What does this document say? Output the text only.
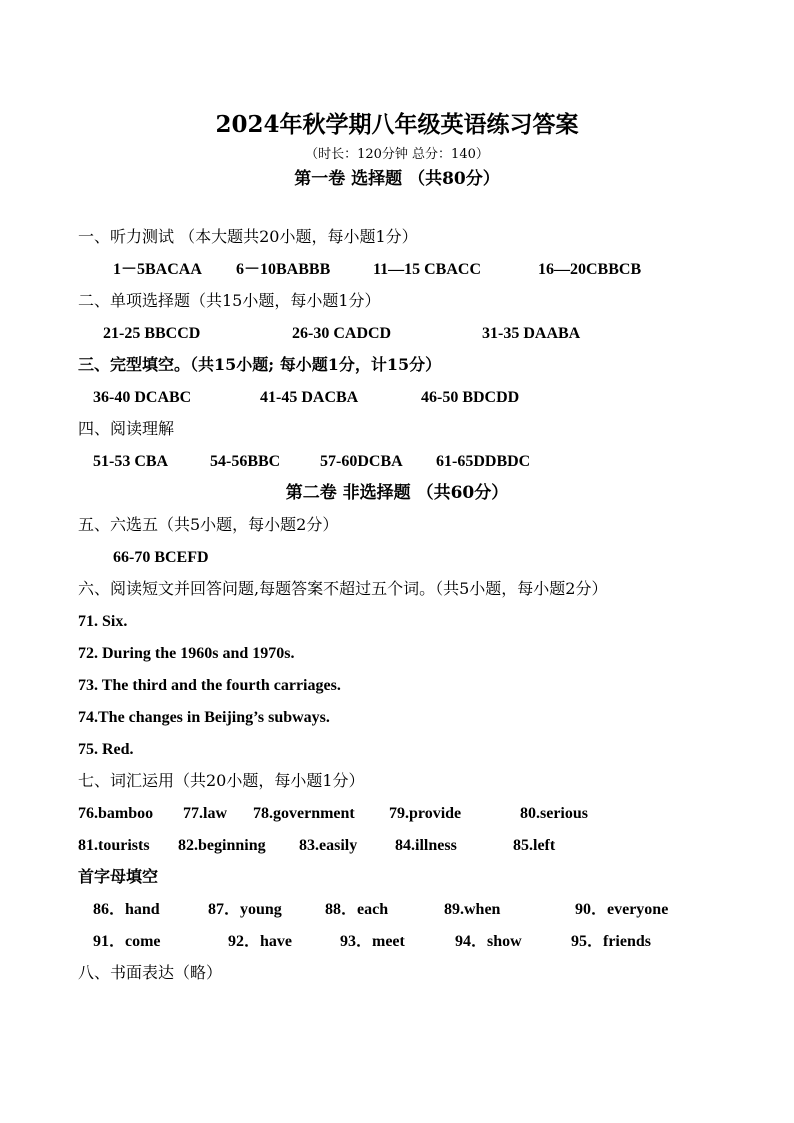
2024年秋学期八年级英语练习答案
（时长：120分钟 总分：140）
第一卷 选择题 （共80分）
一、听力测试 （本大题共20小题，每小题1分）
1－5BACAA 6－10BABBB	11—15 CBACC	16—20CBBCB
二、单项选择题（共15小题，每小题1分）
21-25 BBCCD	26-30 CADCD	31-35 DAABA
三、完型填空。（共15小题; 每小题1分，计15分）
36-40 DCABC	41-45 DACBA	46-50 BDCDD
四、阅读理解
51-53 CBA	54-56BBC 57-60DCBA 61-65DDBDC
第二卷 非选择题 （共60分）
五、六选五（共5小题，每小题2分）
66-70 BCEFD
六、阅读短文并回答问题,每题答案不超过五个词。（共5小题，每小题2分）
71. Six.
72. During the 1960s and 1970s.
73. The third and the fourth carriages.
74.The changes in Beijing’s subways.
75. Red.
七、词汇运用（共20小题，每小题1分）
76.bamboo 77.law 78.government 79.provide	80.serious
81.tourists 82.beginning 83.easily 84.illness	85.left
首字母填空
86．hand	87．young	88．each	89.when	90．everyone
91．come	92．have	93．meet	94．show	95．friends
八、书面表达（略）
